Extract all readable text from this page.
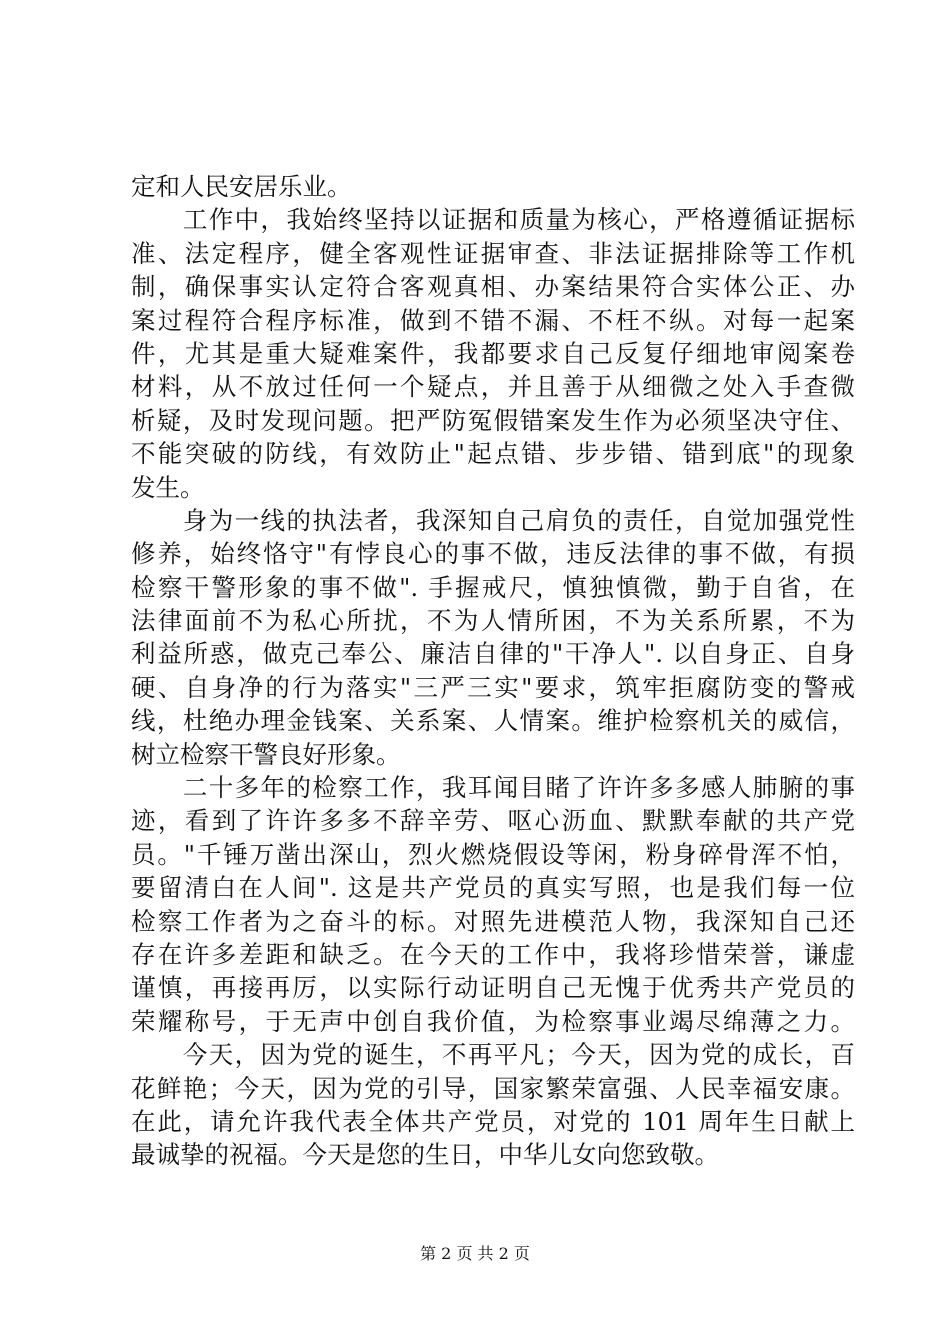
定和人民安居乐业。
　　工作中，我始终坚持以证据和质量为核心，严格遵循证据标
准、法定程序，健全客观性证据审查、非法证据排除等工作机
制，确保事实认定符合客观真相、办案结果符合实体公正、办
案过程符合程序标准，做到不错不漏、不枉不纵。对每一起案
件，尤其是重大疑难案件，我都要求自己反复仔细地审阅案卷
材料，从不放过任何一个疑点，并且善于从细微之处入手查微
析疑，及时发现问题。把严防冤假错案发生作为必须坚决守住、
不能突破的防线，有效防止"起点错、步步错、错到底"的现象
发生。
　　身为一线的执法者，我深知自己肩负的责任，自觉加强党性
修养，始终恪守"有悖良心的事不做，违反法律的事不做，有损
检察干警形象的事不做". 手握戒尺，慎独慎微，勤于自省，在
法律面前不为私心所扰，不为人情所困，不为关系所累，不为
利益所惑，做克己奉公、廉洁自律的"干净人". 以自身正、自身
硬、自身净的行为落实"三严三实"要求，筑牢拒腐防变的警戒
线，杜绝办理金钱案、关系案、人情案。维护检察机关的威信，
树立检察干警良好形象。
　　二十多年的检察工作，我耳闻目睹了许许多多感人肺腑的事
迹，看到了许许多多不辞辛劳、呕心沥血、默默奉献的共产党
员。"千锤万凿出深山，烈火燃烧假设等闲，粉身碎骨浑不怕，
要留清白在人间". 这是共产党员的真实写照，也是我们每一位
检察工作者为之奋斗的标。对照先进模范人物，我深知自己还
存在许多差距和缺乏。在今天的工作中，我将珍惜荣誉，谦虚
谨慎，再接再厉，以实际行动证明自己无愧于优秀共产党员的
荣耀称号，于无声中创自我价值，为检察事业竭尽绵薄之力。
　　今天，因为党的诞生，不再平凡；今天，因为党的成长，百
花鲜艳；今天，因为党的引导，国家繁荣富强、人民幸福安康。
在此，请允许我代表全体共产党员，对党的 101 周年生日献上
最诚挚的祝福。今天是您的生日，中华儿女向您致敬。
第 2 页 共 2 页
